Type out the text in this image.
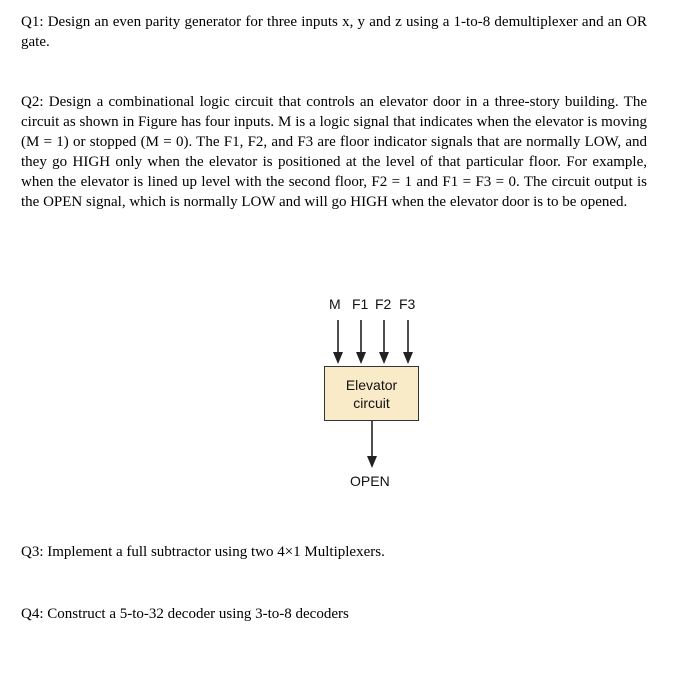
Q1: Design an even parity generator for three inputs x, y and z using a 1-to-8 demultiplexer and an OR gate.

Q2: Design a combinational logic circuit that controls an elevator door in a three-story building. The circuit as shown in Figure has four inputs. M is a logic signal that indicates when the elevator is moving (M = 1) or stopped (M = 0). The F1, F2, and F3 are floor indicator signals that are normally LOW, and they go HIGH only when the elevator is positioned at the level of that particular floor. For example, when the elevator is lined up level with the second floor, F2 = 1 and F1 = F3 = 0. The circuit output is the OPEN signal, which is normally LOW and will go HIGH when the elevator door is to be opened.

M F1 F2 F3
Elevator
circuit
OPEN

Q3: Implement a full subtractor using two 4×1 Multiplexers.

Q4: Construct a 5-to-32 decoder using 3-to-8 decoders
